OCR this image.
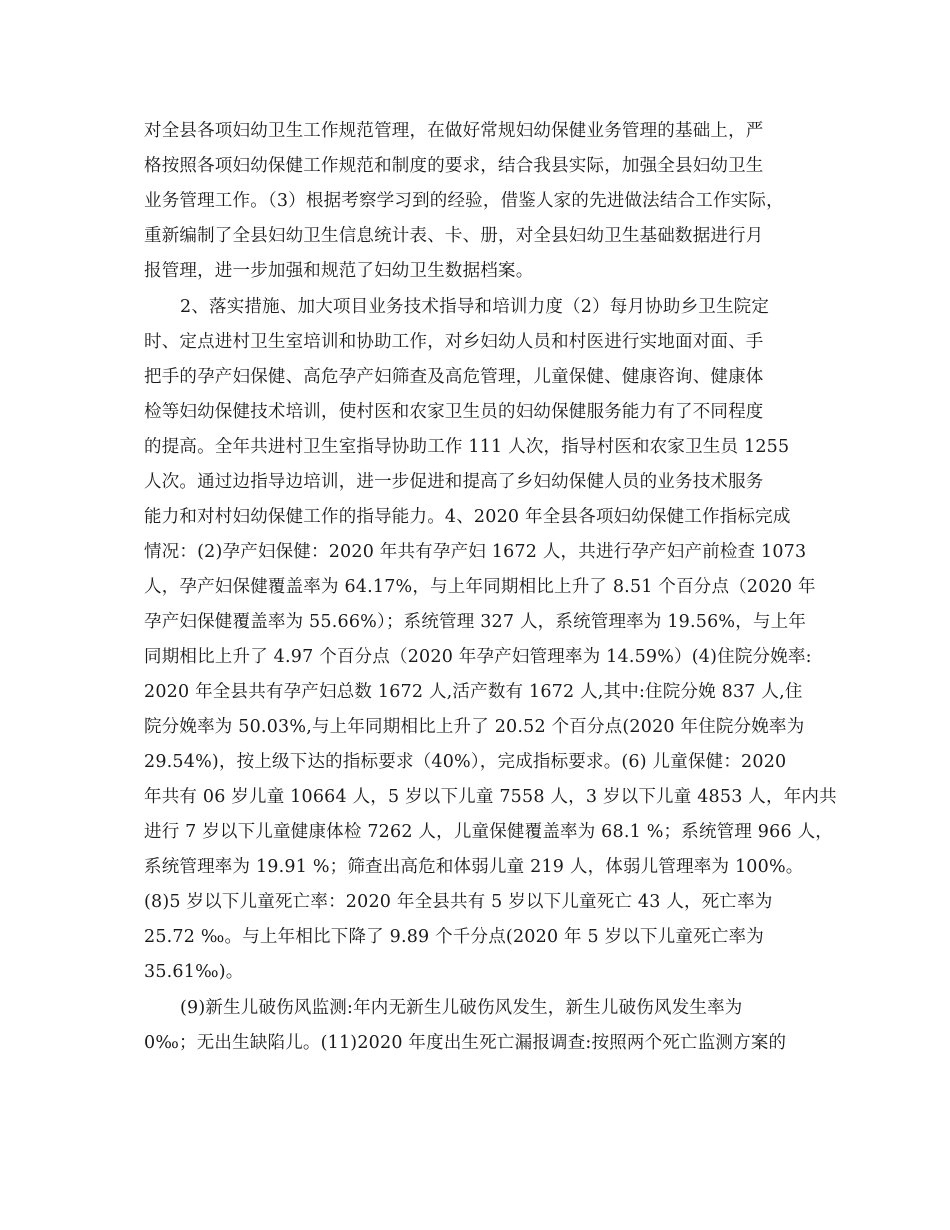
对全县各项妇幼卫生工作规范管理，在做好常规妇幼保健业务管理的基础上，严

格按照各项妇幼保健工作规范和制度的要求，结合我县实际，加强全县妇幼卫生

业务管理工作。（3）根据考察学习到的经验，借鉴人家的先进做法结合工作实际，

重新编制了全县妇幼卫生信息统计表、卡、册，对全县妇幼卫生基础数据进行月

报管理，进一步加强和规范了妇幼卫生数据档案。

2、落实措施、加大项目业务技术指导和培训力度（2）每月协助乡卫生院定

时、定点进村卫生室培训和协助工作，对乡妇幼人员和村医进行实地面对面、手

把手的孕产妇保健、高危孕产妇筛查及高危管理，儿童保健、健康咨询、健康体

检等妇幼保健技术培训，使村医和农家卫生员的妇幼保健服务能力有了不同程度

的提高。全年共进村卫生室指导协助工作 111 人次，指导村医和农家卫生员 1255

人次。通过边指导边培训，进一步促进和提高了乡妇幼保健人员的业务技术服务

能力和对村妇幼保健工作的指导能力。4、2020 年全县各项妇幼保健工作指标完成

情况：(2)孕产妇保健：2020 年共有孕产妇 1672 人，共进行孕产妇产前检查 1073

人，孕产妇保健覆盖率为 64.17%，与上年同期相比上升了 8.51 个百分点（2020 年

孕产妇保健覆盖率为 55.66%）；系统管理 327 人，系统管理率为 19.56%，与上年

同期相比上升了 4.97 个百分点（2020 年孕产妇管理率为 14.59%）(4)住院分娩率:

2020 年全县共有孕产妇总数 1672 人,活产数有 1672 人,其中:住院分娩 837 人,住

院分娩率为 50.03%,与上年同期相比上升了 20.52 个百分点(2020 年住院分娩率为

29.54%)，按上级下达的指标要求（40%），完成指标要求。(6) 儿童保健：2020

年共有 06 岁儿童 10664 人，5 岁以下儿童 7558 人，3 岁以下儿童 4853 人，年内共

进行 7 岁以下儿童健康体检 7262 人，儿童保健覆盖率为 68.1 %；系统管理 966 人，

系统管理率为 19.91 %；筛查出高危和体弱儿童 219 人，体弱儿管理率为 100%。

(8)5 岁以下儿童死亡率：2020 年全县共有 5 岁以下儿童死亡 43 人，死亡率为

25.72 ‰。与上年相比下降了 9.89 个千分点(2020 年 5 岁以下儿童死亡率为

35.61‰)。

(9)新生儿破伤风监测:年内无新生儿破伤风发生，新生儿破伤风发生率为

0‰；无出生缺陷儿。(11)2020 年度出生死亡漏报调查:按照两个死亡监测方案的
